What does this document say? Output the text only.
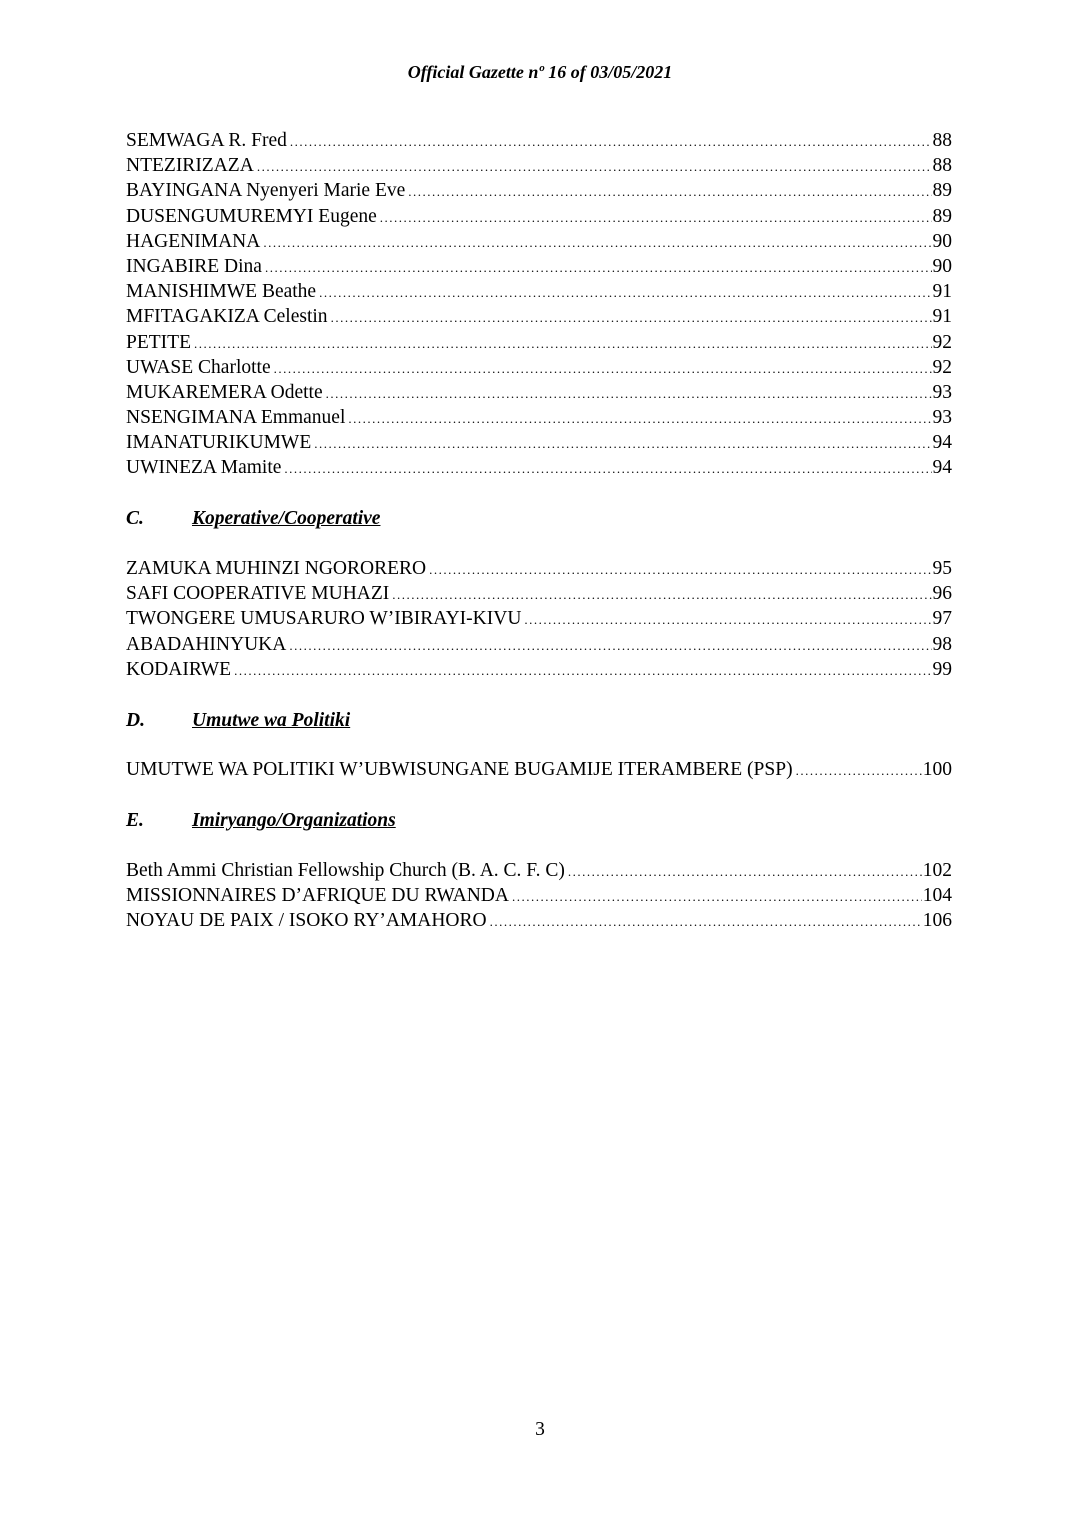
Official Gazette nº 16 of 03/05/2021
SEMWAGA R. Fred .....	88
NTEZIRIZAZA .....	88
BAYINGANA Nyenyeri Marie Eve .....	89
DUSENGUMUREMYI Eugene .....	89
HAGENIMANA .....	90
INGABIRE Dina .....	90
MANISHIMWE Beathe .....	91
MFITAGAKIZA Celestin .....	91
PETITE .....	92
UWASE Charlotte .....	92
MUKAREMERA Odette .....	93
NSENGIMANA Emmanuel .....	93
IMANATURIKUMWE .....	94
UWINEZA Mamite .....	94
C. Koperative/Cooperative
ZAMUKA MUHINZI NGORORERO .....	95
SAFI COOPERATIVE MUHAZI .....	96
TWONGERE UMUSARURO W’IBIRAYI-KIVU .....	97
ABADAHINYUKA .....	98
KODAIRWE .....	99
D. Umutwe wa Politiki
UMUTWE WA POLITIKI W’UBWISUNGANE BUGAMIJE ITERAMBERE (PSP) .....	100
E. Imiryango/Organizations
Beth Ammi Christian Fellowship Church (B. A. C. F. C) .....	102
MISSIONNAIRES D’AFRIQUE DU RWANDA .....	104
NOYAU DE PAIX / ISOKO RY’AMAHORO .....	106
3
